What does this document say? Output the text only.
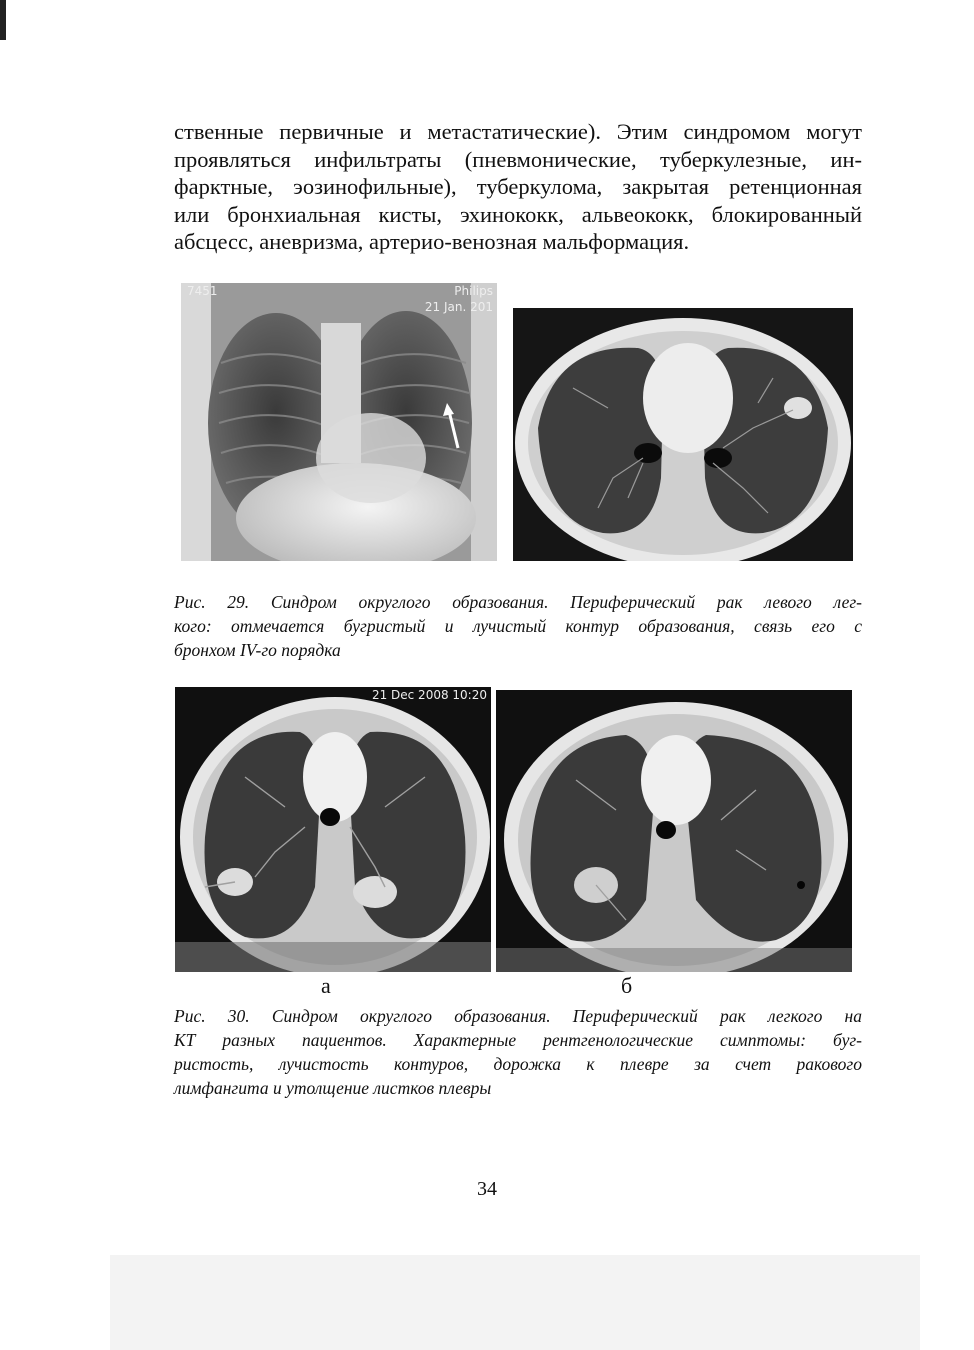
ственные первичные и метастатические). Этим синдромом могут
проявляться инфильтраты (пневмонические, туберкулезные, ин-
фарктные, эозинофильные), туберкулома, закрытая ретенционная
или бронхиальная кисты, эхинококк, альвеококк, блокированный
абсцесс, аневризма, артерио-венозная мальформация.

7451	Philips
21 Jan. 201

Рис. 29. Синдром округлого образования. Периферический рак левого лег-
кого: отмечается бугристый и лучистый контур образования, связь его с
бронхом IV-го порядка

21 Dec 2008 10:20
а	б

Рис. 30. Синдром округлого образования. Периферический рак легкого на
КТ разных пациентов. Характерные рентгенологические симптомы: буг-
ристость, лучистость контуров, дорожка к плевре за счет ракового
лимфангита и утолщение листков плевры

34
